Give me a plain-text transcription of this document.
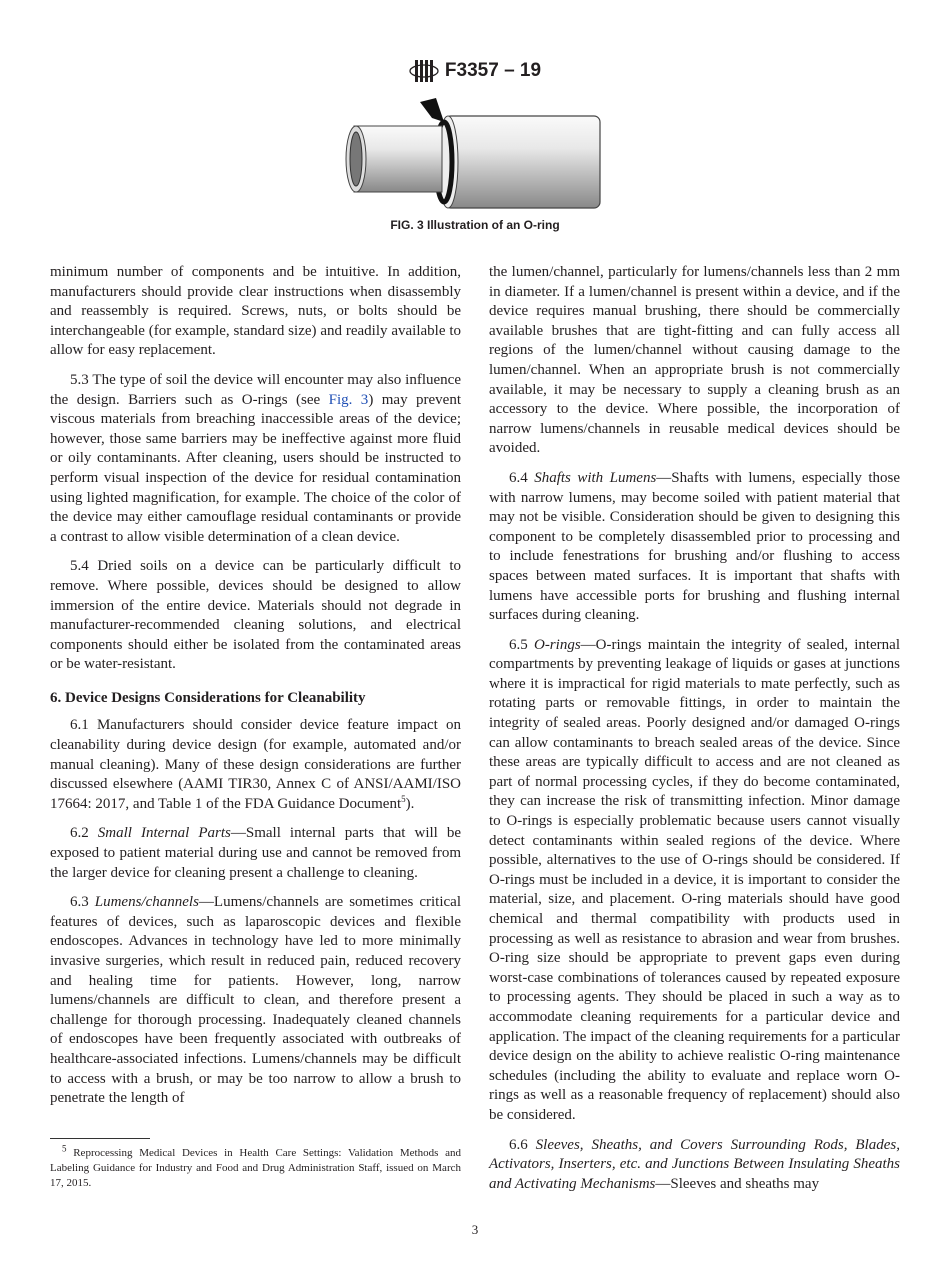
F3357 – 19
FIG. 3 Illustration of an O-ring

minimum number of components and be intuitive. In addition, manufacturers should provide clear instructions when disassembly and reassembly is required. Screws, nuts, or bolts should be interchangeable (for example, standard size) and readily available to allow for easy replacement.

5.3 The type of soil the device will encounter may also influence the design. Barriers such as O-rings (see Fig. 3) may prevent viscous materials from breaching inaccessible areas of the device; however, those same barriers may be ineffective against more fluid or oily contaminants. After cleaning, users should be instructed to perform visual inspection of the device for residual contamination using lighted magnification, for example. The choice of the color of the device may either camouflage residual contaminants or provide a contrast to allow visible determination of a clean device.

5.4 Dried soils on a device can be particularly difficult to remove. Where possible, devices should be designed to allow immersion of the entire device. Materials should not degrade in manufacturer-recommended cleaning solutions, and electrical components should either be isolated from the contaminated areas or be water-resistant.

6. Device Designs Considerations for Cleanability

6.1 Manufacturers should consider device feature impact on cleanability during device design (for example, automated and/or manual cleaning). Many of these design considerations are further discussed elsewhere (AAMI TIR30, Annex C of ANSI/AAMI/ISO 17664: 2017, and Table 1 of the FDA Guidance Document$^5$).

6.2 Small Internal Parts—Small internal parts that will be exposed to patient material during use and cannot be removed from the larger device for cleaning present a challenge to cleaning.

6.3 Lumens/channels—Lumens/channels are sometimes critical features of devices, such as laparoscopic devices and flexible endoscopes. Advances in technology have led to more minimally invasive surgeries, which result in reduced pain, reduced recovery and healing time for patients. However, long, narrow lumens/channels are difficult to clean, and therefore present a challenge for thorough processing. Inadequately cleaned channels of endoscopes have been frequently associated with outbreaks of healthcare-associated infections. Lumens/channels may be difficult to access with a brush, or may be too narrow to allow a brush to penetrate the length of

the lumen/channel, particularly for lumens/channels less than 2 mm in diameter. If a lumen/channel is present within a device, and if the device requires manual brushing, there should be commercially available brushes that are tight-fitting and can fully access all regions of the lumen/channel without causing damage to the lumen/channel. When an appropriate brush is not commercially available, it may be necessary to supply a cleaning brush as an accessory to the device. Where possible, the incorporation of narrow lumens/channels in reusable medical devices should be avoided.

6.4 Shafts with Lumens—Shafts with lumens, especially those with narrow lumens, may become soiled with patient material that may not be visible. Consideration should be given to designing this component to be completely disassembled prior to processing and to include fenestrations for brushing and/or flushing to access spaces between mated surfaces. It is important that shafts with lumens have accessible ports for brushing and flushing internal surfaces during cleaning.

6.5 O-rings—O-rings maintain the integrity of sealed, internal compartments by preventing leakage of liquids or gases at junctions where it is impractical for rigid materials to mate perfectly, such as rotating parts or removable fittings, in order to maintain the integrity of sealed areas. Poorly designed and/or damaged O-rings can allow contaminants to breach sealed areas of the device. Since these areas are typically difficult to access and are not cleaned as part of normal processing cycles, if they do become contaminated, they can increase the risk of transmitting infection. Minor damage to O-rings is especially problematic because users cannot visually detect contaminants within sealed regions of the device. Where possible, alternatives to the use of O-rings should be considered. If O-rings must be included in a device, it is important to consider the material, size, and placement. O-ring materials should have good chemical and thermal compatibility with products used in processing as well as resistance to abrasion and wear from brushes. O-ring size should be appropriate to prevent gaps even during worst-case combinations of tolerances caused by repeated exposure to processing agents. They should be placed in such a way as to accommodate cleaning requirements for a particular device and application. The impact of the cleaning requirements for a particular device design on the ability to achieve realistic O-ring maintenance schedules (including the ability to evaluate and replace worn O-rings as well as a reasonable frequency of replacement) should also be considered.

6.6 Sleeves, Sheaths, and Covers Surrounding Rods, Blades, Activators, Inserters, etc. and Junctions Between Insulating Sheaths and Activating Mechanisms—Sleeves and sheaths may

$^5$ Reprocessing Medical Devices in Health Care Settings: Validation Methods and Labeling Guidance for Industry and Food and Drug Administration Staff, issued on March 17, 2015.
3
